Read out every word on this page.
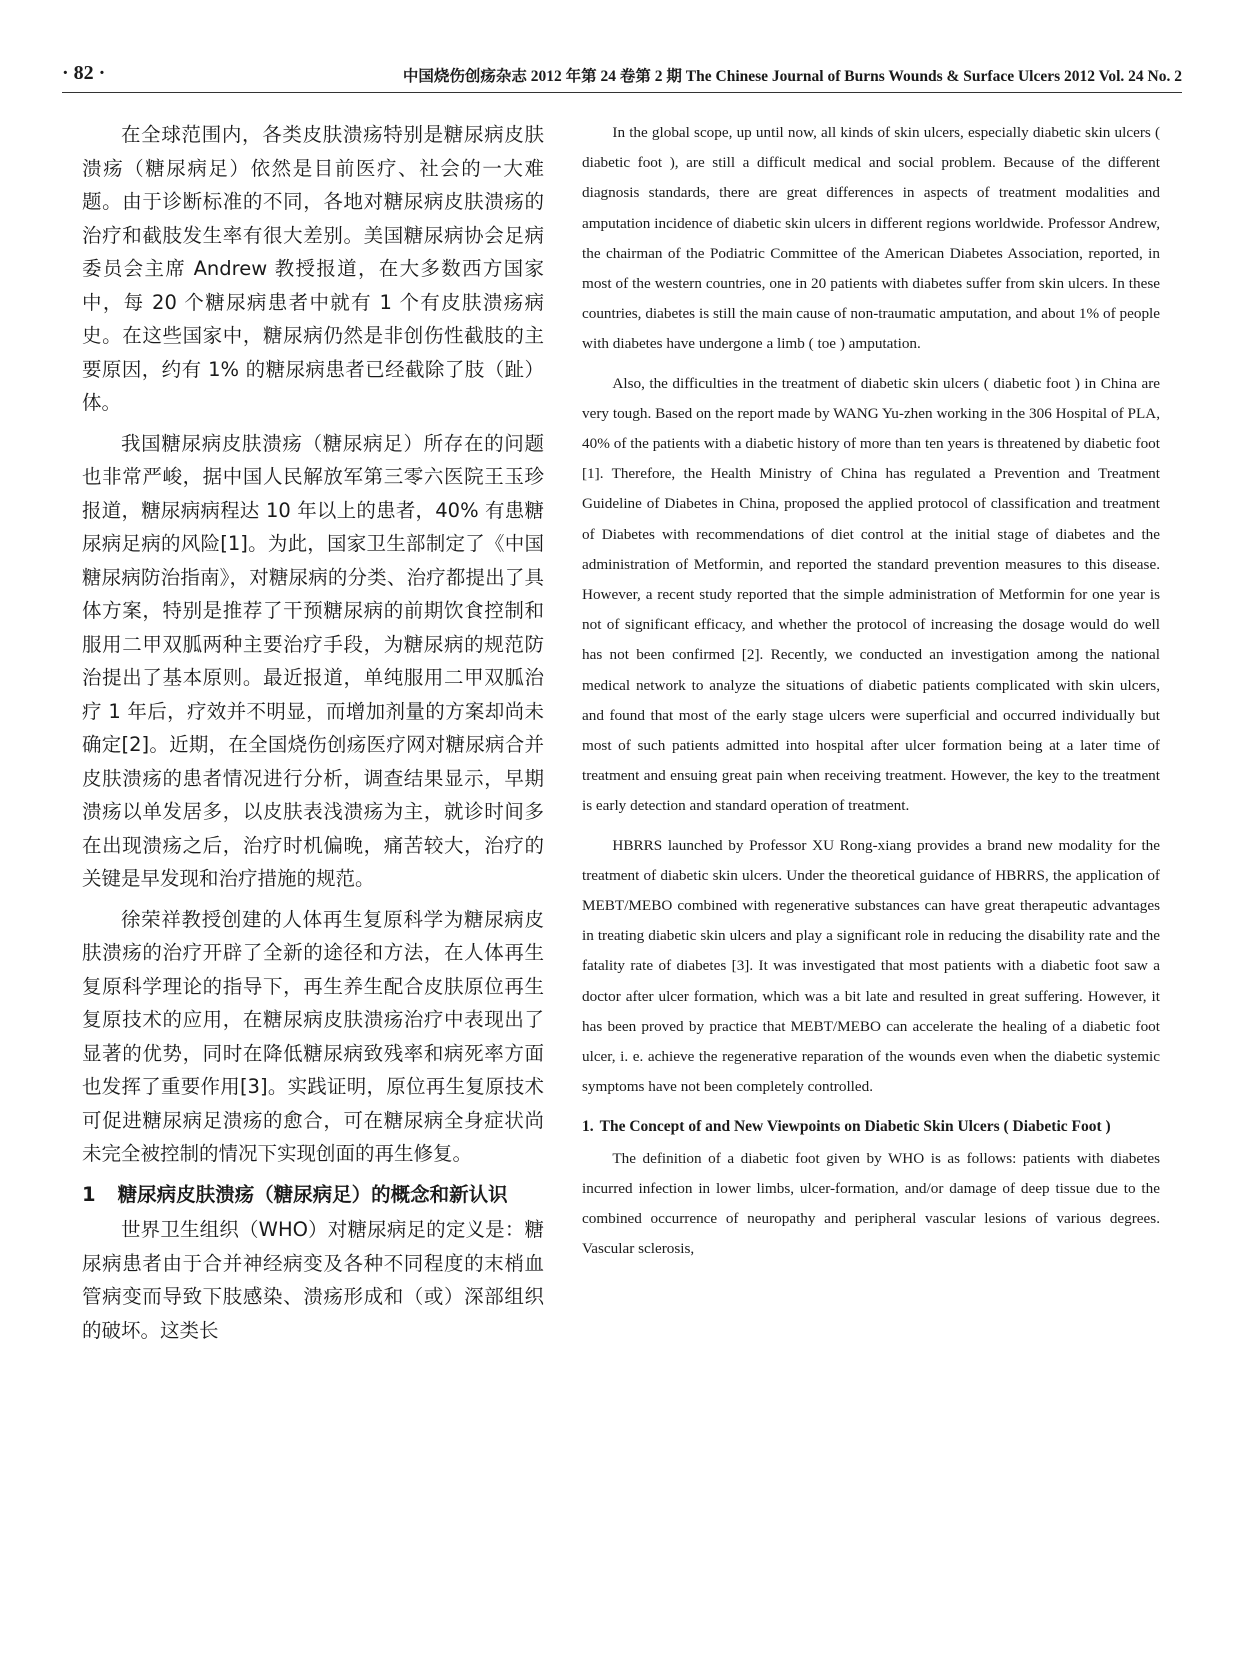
· 82 ·	中国烧伤创疡杂志 2012 年第 24 卷第 2 期 The Chinese Journal of Burns Wounds & Surface Ulcers 2012 Vol. 24 No. 2

在全球范围内，各类皮肤溃疡特别是糖尿病皮肤溃疡（糖尿病足）依然是目前医疗、社会的一大难题。由于诊断标准的不同，各地对糖尿病皮肤溃疡的治疗和截肢发生率有很大差别。美国糖尿病协会足病委员会主席 Andrew 教授报道，在大多数西方国家中，每 20 个糖尿病患者中就有 1 个有皮肤溃疡病史。在这些国家中，糖尿病仍然是非创伤性截肢的主要原因，约有 1% 的糖尿病患者已经截除了肢（趾）体。

我国糖尿病皮肤溃疡（糖尿病足）所存在的问题也非常严峻，据中国人民解放军第三零六医院王玉珍报道，糖尿病病程达 10 年以上的患者，40% 有患糖尿病足病的风险[1]。为此，国家卫生部制定了《中国糖尿病防治指南》，对糖尿病的分类、治疗都提出了具体方案，特别是推荐了干预糖尿病的前期饮食控制和服用二甲双胍两种主要治疗手段，为糖尿病的规范防治提出了基本原则。最近报道，单纯服用二甲双胍治疗 1 年后，疗效并不明显，而增加剂量的方案却尚未确定[2]。近期，在全国烧伤创疡医疗网对糖尿病合并皮肤溃疡的患者情况进行分析，调查结果显示，早期溃疡以单发居多，以皮肤表浅溃疡为主，就诊时间多在出现溃疡之后，治疗时机偏晚，痛苦较大，治疗的关键是早发现和治疗措施的规范。

徐荣祥教授创建的人体再生复原科学为糖尿病皮肤溃疡的治疗开辟了全新的途径和方法，在人体再生复原科学理论的指导下，再生养生配合皮肤原位再生复原技术的应用，在糖尿病皮肤溃疡治疗中表现出了显著的优势，同时在降低糖尿病致残率和病死率方面也发挥了重要作用[3]。实践证明，原位再生复原技术可促进糖尿病足溃疡的愈合，可在糖尿病全身症状尚未完全被控制的情况下实现创面的再生修复。

1 糖尿病皮肤溃疡（糖尿病足）的概念和新认识

世界卫生组织（WHO）对糖尿病足的定义是：糖尿病患者由于合并神经病变及各种不同程度的末梢血管病变而导致下肢感染、溃疡形成和（或）深部组织的破坏。这类长

In the global scope, up until now, all kinds of skin ulcers, especially diabetic skin ulcers ( diabetic foot ), are still a difficult medical and social problem. Because of the different diagnosis standards, there are great differences in aspects of treatment modalities and amputation incidence of diabetic skin ulcers in different regions worldwide. Professor Andrew, the chairman of the Podiatric Committee of the American Diabetes Association, reported, in most of the western countries, one in 20 patients with diabetes suffer from skin ulcers. In these countries, diabetes is still the main cause of non-traumatic amputation, and about 1% of people with diabetes have undergone a limb ( toe ) amputation.

Also, the difficulties in the treatment of diabetic skin ulcers ( diabetic foot ) in China are very tough. Based on the report made by WANG Yu-zhen working in the 306 Hospital of PLA, 40% of the patients with a diabetic history of more than ten years is threatened by diabetic foot [1]. Therefore, the Health Ministry of China has regulated a Prevention and Treatment Guideline of Diabetes in China, proposed the applied protocol of classification and treatment of Diabetes with recommendations of diet control at the initial stage of diabetes and the administration of Metformin, and reported the standard prevention measures to this disease. However, a recent study reported that the simple administration of Metformin for one year is not of significant efficacy, and whether the protocol of increasing the dosage would do well has not been confirmed [2]. Recently, we conducted an investigation among the national medical network to analyze the situations of diabetic patients complicated with skin ulcers, and found that most of the early stage ulcers were superficial and occurred individually but most of such patients admitted into hospital after ulcer formation being at a later time of treatment and ensuing great pain when receiving treatment. However, the key to the treatment is early detection and standard operation of treatment.

HBRRS launched by Professor XU Rong-xiang provides a brand new modality for the treatment of diabetic skin ulcers. Under the theoretical guidance of HBRRS, the application of MEBT/MEBO combined with regenerative substances can have great therapeutic advantages in treating diabetic skin ulcers and play a significant role in reducing the disability rate and the fatality rate of diabetes [3]. It was investigated that most patients with a diabetic foot saw a doctor after ulcer formation, which was a bit late and resulted in great suffering. However, it has been proved by practice that MEBT/MEBO can accelerate the healing of a diabetic foot ulcer, i. e. achieve the regenerative reparation of the wounds even when the diabetic systemic symptoms have not been completely controlled.

1. The Concept of and New Viewpoints on Diabetic Skin Ulcers ( Diabetic Foot )

The definition of a diabetic foot given by WHO is as follows: patients with diabetes incurred infection in lower limbs, ulcer-formation, and/or damage of deep tissue due to the combined occurrence of neuropathy and peripheral vascular lesions of various degrees. Vascular sclerosis,
